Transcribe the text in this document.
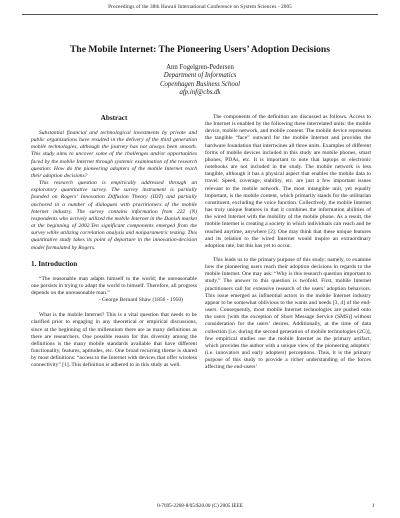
Proceedings of the 38th Hawaii International Conference on System Sciences - 2005
The Mobile Internet: The Pioneering Users’ Adoption Decisions
Ann Fogelgren-Pedersen
Department of Informatics
Copenhagen Business School
afp.inf@cbs.dk
Abstract

Substantial financial and technological investments by private and public organizations have resulted in the delivery of the third generation mobile technologies, although the journey has not always been smooth. This study aims to uncover some of the challenges and/or opportunities faced by the mobile Internet through systemic examination of the research question: How do the pioneering adopters of the mobile Internet reach their adoption decisions?

This research question is empirically addressed through an exploratory quantitative survey. The survey instrument is partially founded on Rogers’ Innovation Diffusion Theory (IDT) and partially anchored in a number of dialogues with practitioners of the mobile Internet industry. The survey contains information from 222 (N) respondents who actively utilized the mobile Internet in the Danish market at the beginning of 2002.Ten significant components emerged from the survey while utilizing correlation analysis and nonparametric testing. This quantitative study takes its point of departure in the innovation-decision model formulated by Rogers.

1. Introduction

“The reasonable man adapts himself to the world; the unreasonable one persists in trying to adapt the world to himself. Therefore, all progress depends on the unreasonable man.”

- George Bernard Shaw (1856 - 1950)

What is the mobile Internet? This is a vital question that needs to be clarified prior to engaging in any theoretical or empirical discussions, since at the beginning of the millennium there are as many definitions as there are researchers. One possible reason for this diversity among the definitions is the many mobile standards available that have different functionality, features, aptitudes, etc. One broad recurring theme is shared by most definitions: “access to the Internet with devices that offer wireless connectivity” [1]. This definition is adhered to in this study as well.

The components of the definition are discussed as follows. Access to the Internet is enabled by the following three interrelated units: the mobile device, mobile network, and mobile content. The mobile device represents the tangible “face” outward for the mobile Internet and provides the hardware foundation that intertwines all three units. Examples of different forms of mobile devices included in this study are mobile phones, smart phones, PDAs, etc. It is important to note that laptops or electronic notebooks are not included in the study. The mobile network is less tangible, although it has a physical aspect that enables the mobile data to travel. Speed, coverage, stability, etc. are just a few important issues relevant to the mobile network. The most intangible unit, yet equally important, is the mobile content, which primarily stands for the utilitarian constituent, excluding the voice function. Collectively, the mobile Internet has truly unique features in that it combines the information abilities of the wired Internet with the mobility of the mobile phone. As a result, the mobile Internet is creating a society in which individuals can reach and be reached anytime, anywhere [2]. One may think that these unique features and its relation to the wired Internet would inspire an extraordinary adoption rate, but this has yet to occur.

This leads us to the primary purpose of this study; namely, to examine how the pioneering users reach their adoption decisions in regards to the mobile Internet. One may ask: “Why is this research question important to study.” The answer to this question is twofold. First, mobile Internet practitioners call for extensive research of the users’ adoption behaviors. This issue emerged as influential actors in the mobile Internet industry appear to be somewhat oblivious to the wants and needs [3, 4] of the end-users. Consequently, most mobile Internet technologies are pushed onto the users [with the exception of Short Message Service (SMS)] without consideration for the users’ desires. Additionally, at the time of data collection [i.e. during the second generation of mobile technologies (2G)], few empirical studies use the mobile Internet as the primary artifact, which provides the author with a unique view of the pioneering adopters’ (i.e. innovators and early adopters) perceptions. Thus, it is the primary purpose of this study to provide a richer understanding of the forces affecting the end-users’

0-7695-2268-8/05/$20.00 (C) 2005 IEEE	1
